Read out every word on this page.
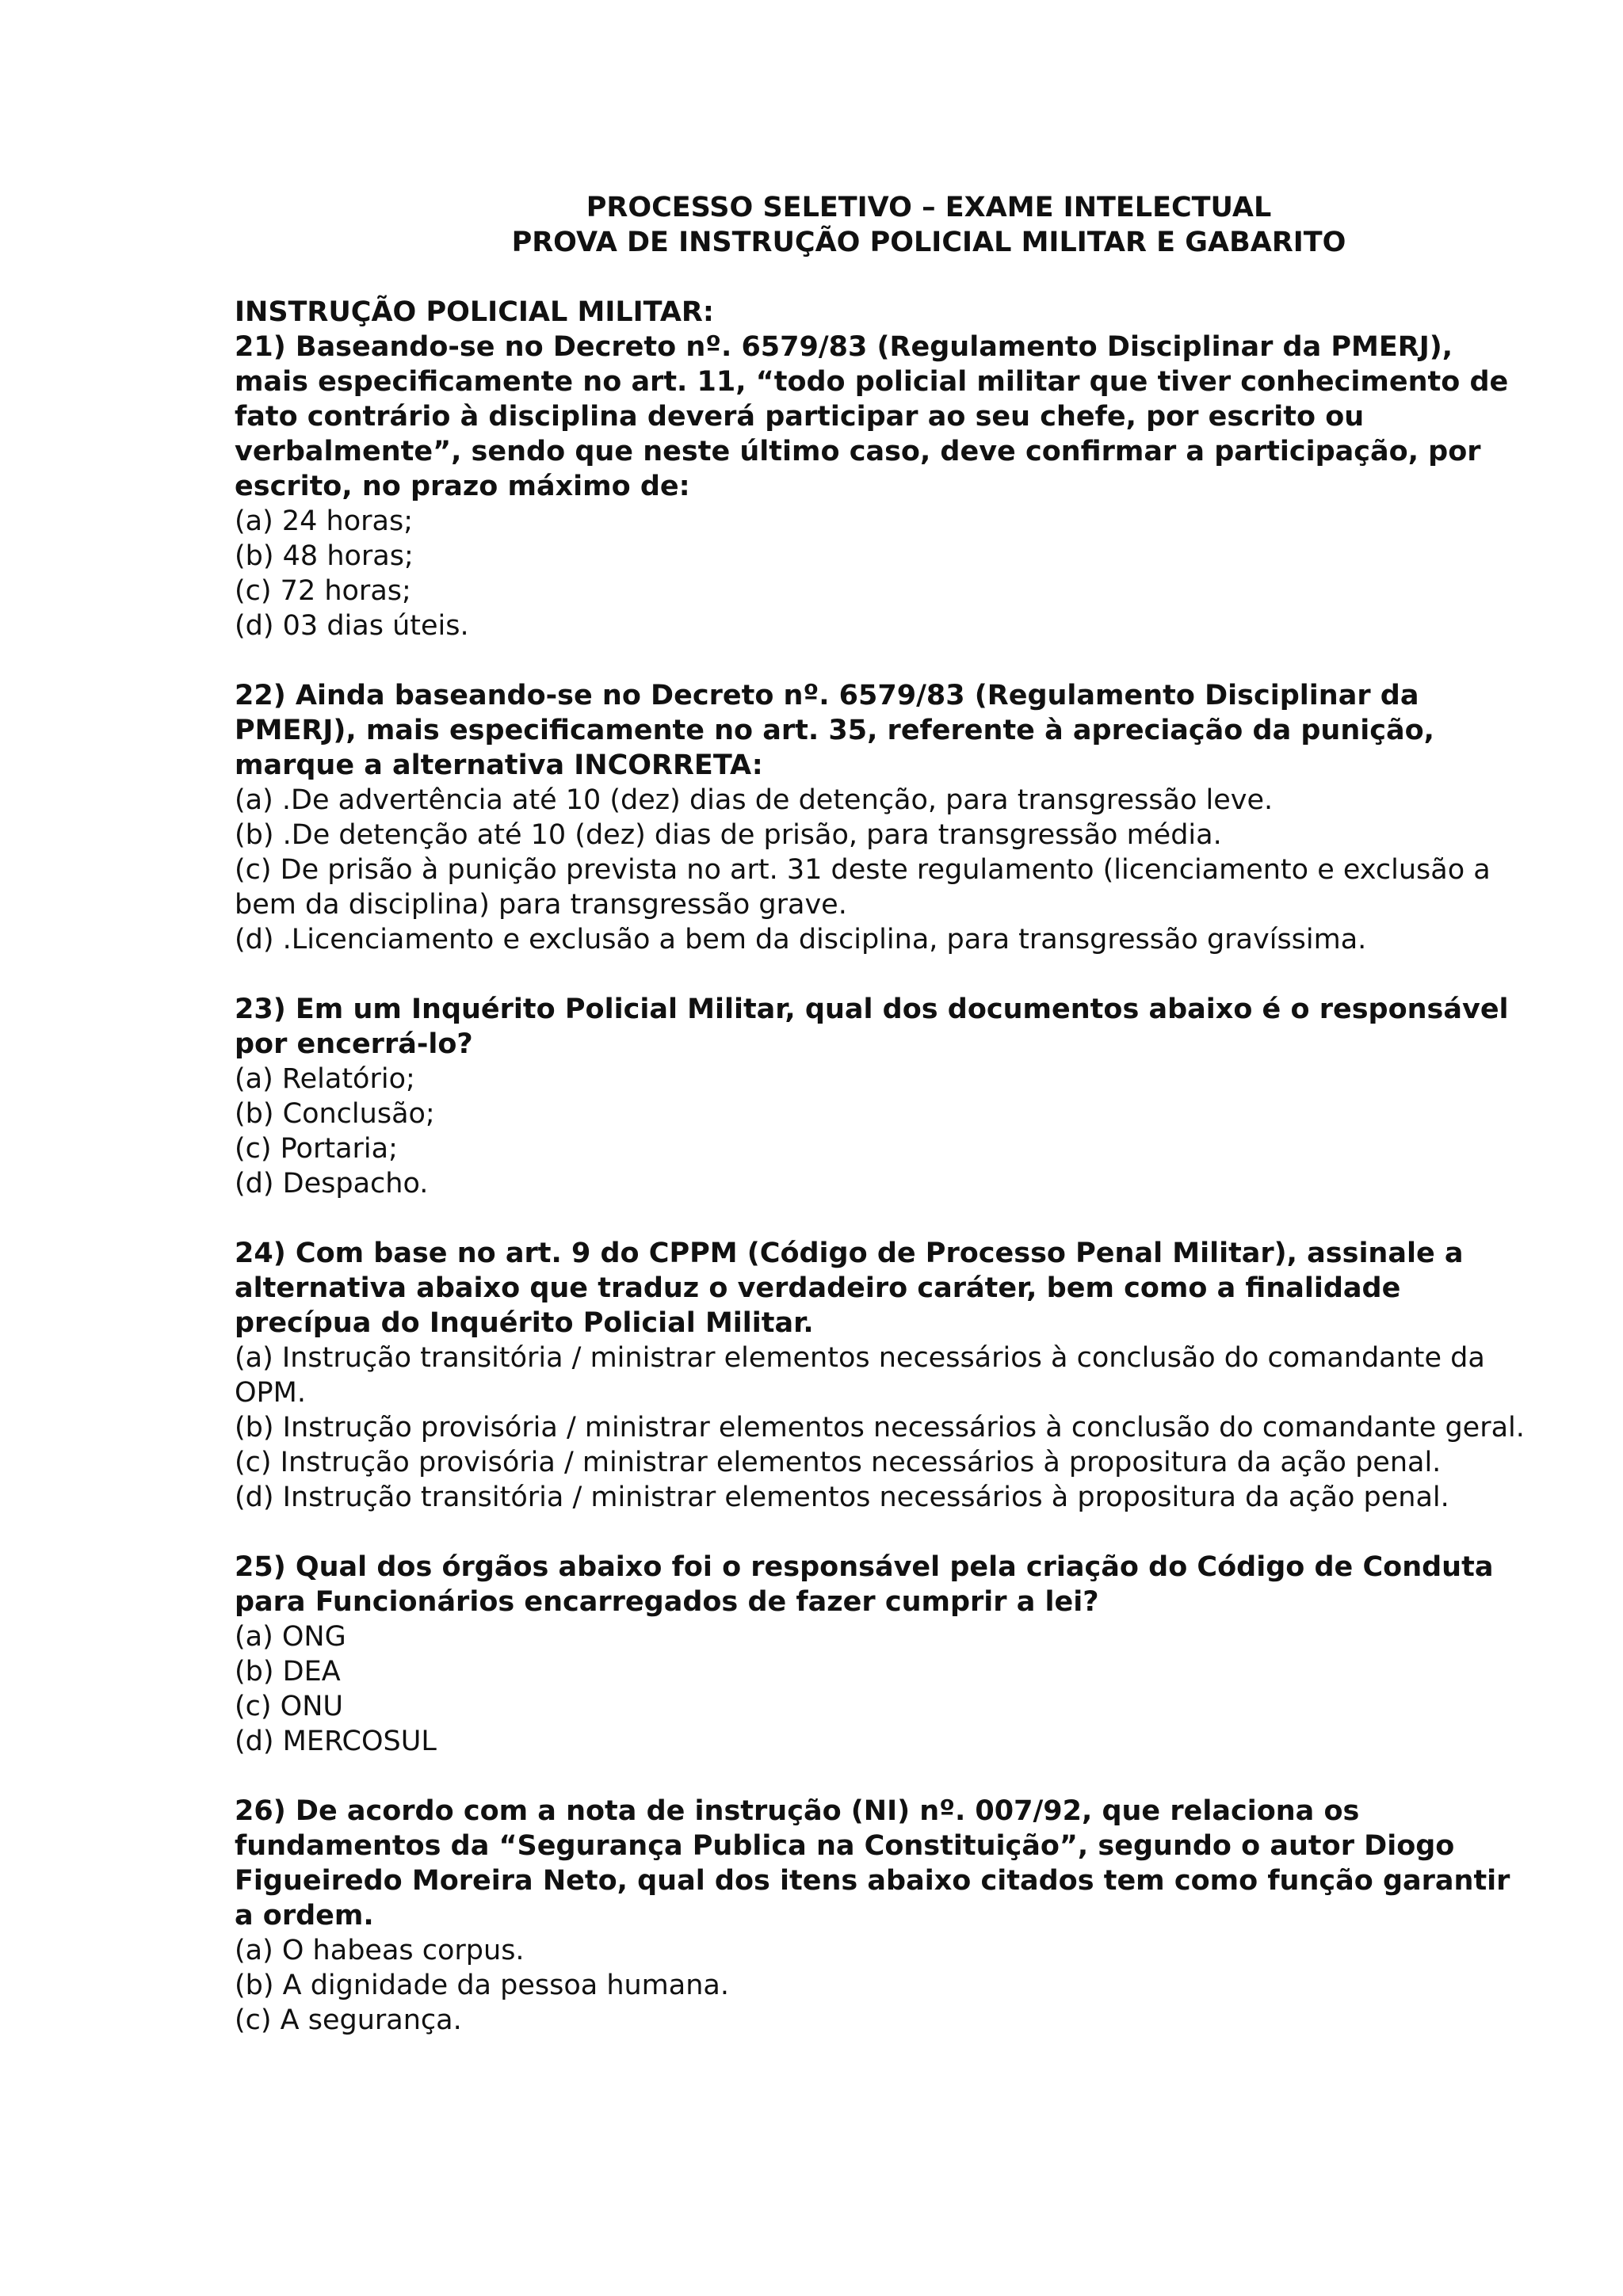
PROCESSO SELETIVO – EXAME INTELECTUAL
PROVA DE INSTRUÇÃO POLICIAL MILITAR E GABARITO
INSTRUÇÃO POLICIAL MILITAR:
21) Baseando-se no Decreto nº. 6579/83 (Regulamento Disciplinar da PMERJ), mais especificamente no art. 11, “todo policial militar que tiver conhecimento de fato contrário à disciplina deverá participar ao seu chefe, por escrito ou verbalmente”, sendo que neste último caso, deve confirmar a participação, por escrito, no prazo máximo de:
(a) 24 horas;
(b) 48 horas;
(c) 72 horas;
(d) 03 dias úteis.
22) Ainda baseando-se no Decreto nº. 6579/83 (Regulamento Disciplinar da PMERJ), mais especificamente no art. 35, referente à apreciação da punição, marque a alternativa INCORRETA:
(a) .De advertência até 10 (dez) dias de detenção, para transgressão leve.
(b) .De detenção até 10 (dez) dias de prisão, para transgressão média.
(c) De prisão à punição prevista no art. 31 deste regulamento (licenciamento e exclusão a bem da disciplina) para transgressão grave.
(d) .Licenciamento e exclusão a bem da disciplina, para transgressão gravíssima.
23) Em um Inquérito Policial Militar, qual dos documentos abaixo é o responsável por encerrá-lo?
(a) Relatório;
(b) Conclusão;
(c) Portaria;
(d) Despacho.
24) Com base no art. 9 do CPPM (Código de Processo Penal Militar), assinale a alternativa abaixo que traduz o verdadeiro caráter, bem como a finalidade precípua do Inquérito Policial Militar.
(a) Instrução transitória / ministrar elementos necessários à conclusão do comandante da OPM.
(b) Instrução provisória / ministrar elementos necessários à conclusão do comandante geral.
(c) Instrução provisória / ministrar elementos necessários à propositura da ação penal.
(d) Instrução transitória / ministrar elementos necessários à propositura da ação penal.
25) Qual dos órgãos abaixo foi o responsável pela criação do Código de Conduta para Funcionários encarregados de fazer cumprir a lei?
(a) ONG
(b) DEA
(c) ONU
(d) MERCOSUL
26) De acordo com a nota de instrução (NI) nº. 007/92, que relaciona os fundamentos da “Segurança Publica na Constituição”, segundo o autor Diogo Figueiredo Moreira Neto, qual dos itens abaixo citados tem como função garantir a ordem.
(a) O habeas corpus.
(b) A dignidade da pessoa humana.
(c) A segurança.
